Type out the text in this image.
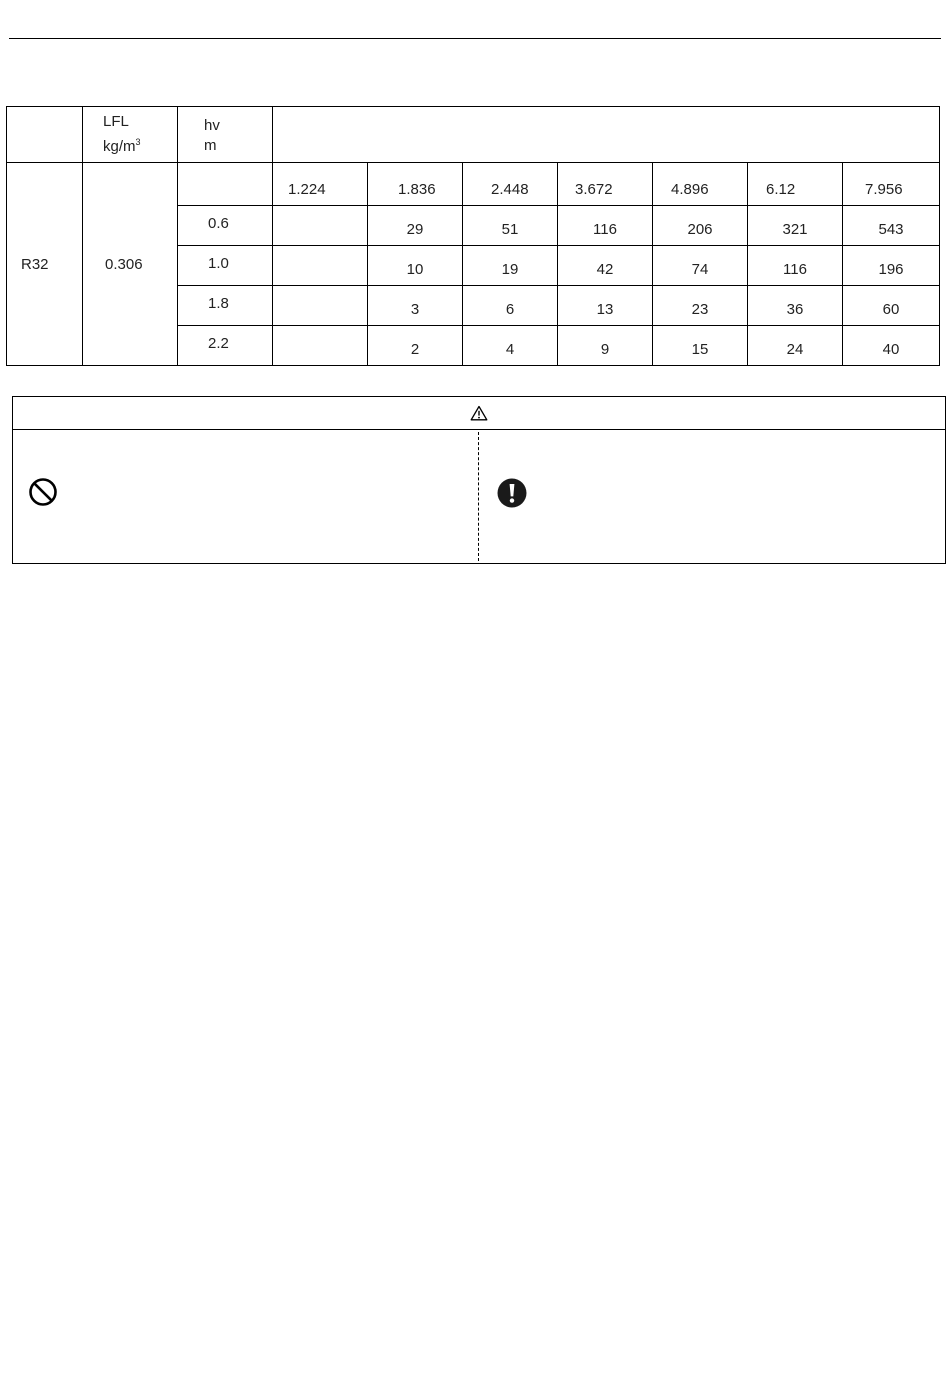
	LFL
$kg/m^3$	hv
m							
R32	0.306		1.224	1.836	2.448	3.672	4.896	6.12	7.956
		0.6		29	51	116	206	321	543
		1.0		10	19	42	74	116	196
		1.8		3	6	13	23	36	60
		2.2		2	4	9	15	24	40
